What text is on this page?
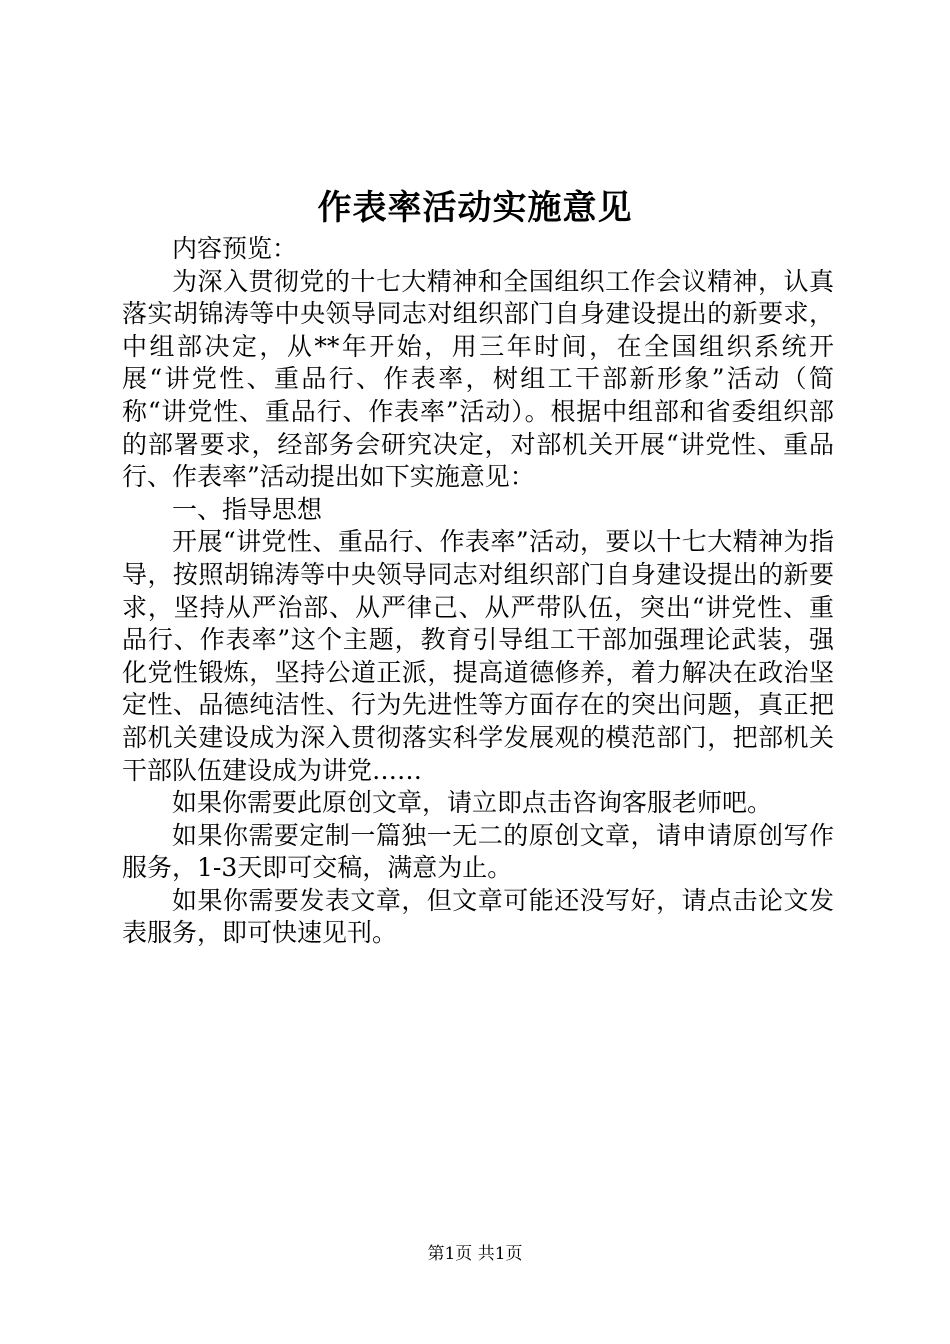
作表率活动实施意见

内容预览：

为深入贯彻党的十七大精神和全国组织工作会议精神，认真落实胡锦涛等中央领导同志对组织部门自身建设提出的新要求，中组部决定，从**年开始，用三年时间，在全国组织系统开展“讲党性、重品行、作表率，树组工干部新形象”活动（简称“讲党性、重品行、作表率”活动）。根据中组部和省委组织部的部署要求，经部务会研究决定，对部机关开展“讲党性、重品行、作表率”活动提出如下实施意见：

一、指导思想

开展“讲党性、重品行、作表率”活动，要以十七大精神为指导，按照胡锦涛等中央领导同志对组织部门自身建设提出的新要求，坚持从严治部、从严律己、从严带队伍，突出“讲党性、重品行、作表率”这个主题，教育引导组工干部加强理论武装，强化党性锻炼，坚持公道正派，提高道德修养，着力解决在政治坚定性、品德纯洁性、行为先进性等方面存在的突出问题，真正把部机关建设成为深入贯彻落实科学发展观的模范部门，把部机关干部队伍建设成为讲党……

如果你需要此原创文章，请立即点击咨询客服老师吧。

如果你需要定制一篇独一无二的原创文章，请申请原创写作服务，1-3天即可交稿，满意为止。

如果你需要发表文章，但文章可能还没写好，请点击论文发表服务，即可快速见刊。

第1页 共1页
